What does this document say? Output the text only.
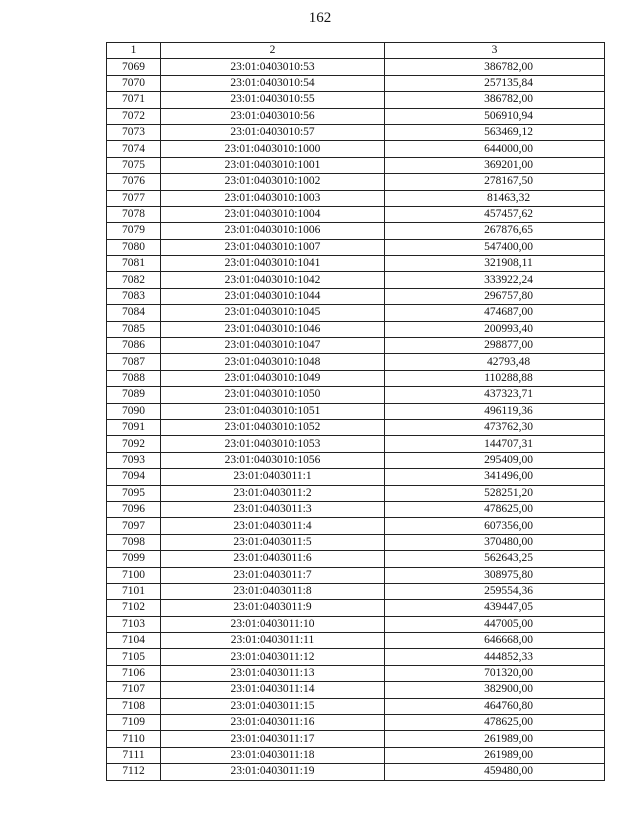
162
1	2	3
7069	23:01:0403010:53	386782,00
7070	23:01:0403010:54	257135,84
7071	23:01:0403010:55	386782,00
7072	23:01:0403010:56	506910,94
7073	23:01:0403010:57	563469,12
7074	23:01:0403010:1000	644000,00
7075	23:01:0403010:1001	369201,00
7076	23:01:0403010:1002	278167,50
7077	23:01:0403010:1003	81463,32
7078	23:01:0403010:1004	457457,62
7079	23:01:0403010:1006	267876,65
7080	23:01:0403010:1007	547400,00
7081	23:01:0403010:1041	321908,11
7082	23:01:0403010:1042	333922,24
7083	23:01:0403010:1044	296757,80
7084	23:01:0403010:1045	474687,00
7085	23:01:0403010:1046	200993,40
7086	23:01:0403010:1047	298877,00
7087	23:01:0403010:1048	42793,48
7088	23:01:0403010:1049	110288,88
7089	23:01:0403010:1050	437323,71
7090	23:01:0403010:1051	496119,36
7091	23:01:0403010:1052	473762,30
7092	23:01:0403010:1053	144707,31
7093	23:01:0403010:1056	295409,00
7094	23:01:0403011:1	341496,00
7095	23:01:0403011:2	528251,20
7096	23:01:0403011:3	478625,00
7097	23:01:0403011:4	607356,00
7098	23:01:0403011:5	370480,00
7099	23:01:0403011:6	562643,25
7100	23:01:0403011:7	308975,80
7101	23:01:0403011:8	259554,36
7102	23:01:0403011:9	439447,05
7103	23:01:0403011:10	447005,00
7104	23:01:0403011:11	646668,00
7105	23:01:0403011:12	444852,33
7106	23:01:0403011:13	701320,00
7107	23:01:0403011:14	382900,00
7108	23:01:0403011:15	464760,80
7109	23:01:0403011:16	478625,00
7110	23:01:0403011:17	261989,00
7111	23:01:0403011:18	261989,00
7112	23:01:0403011:19	459480,00
